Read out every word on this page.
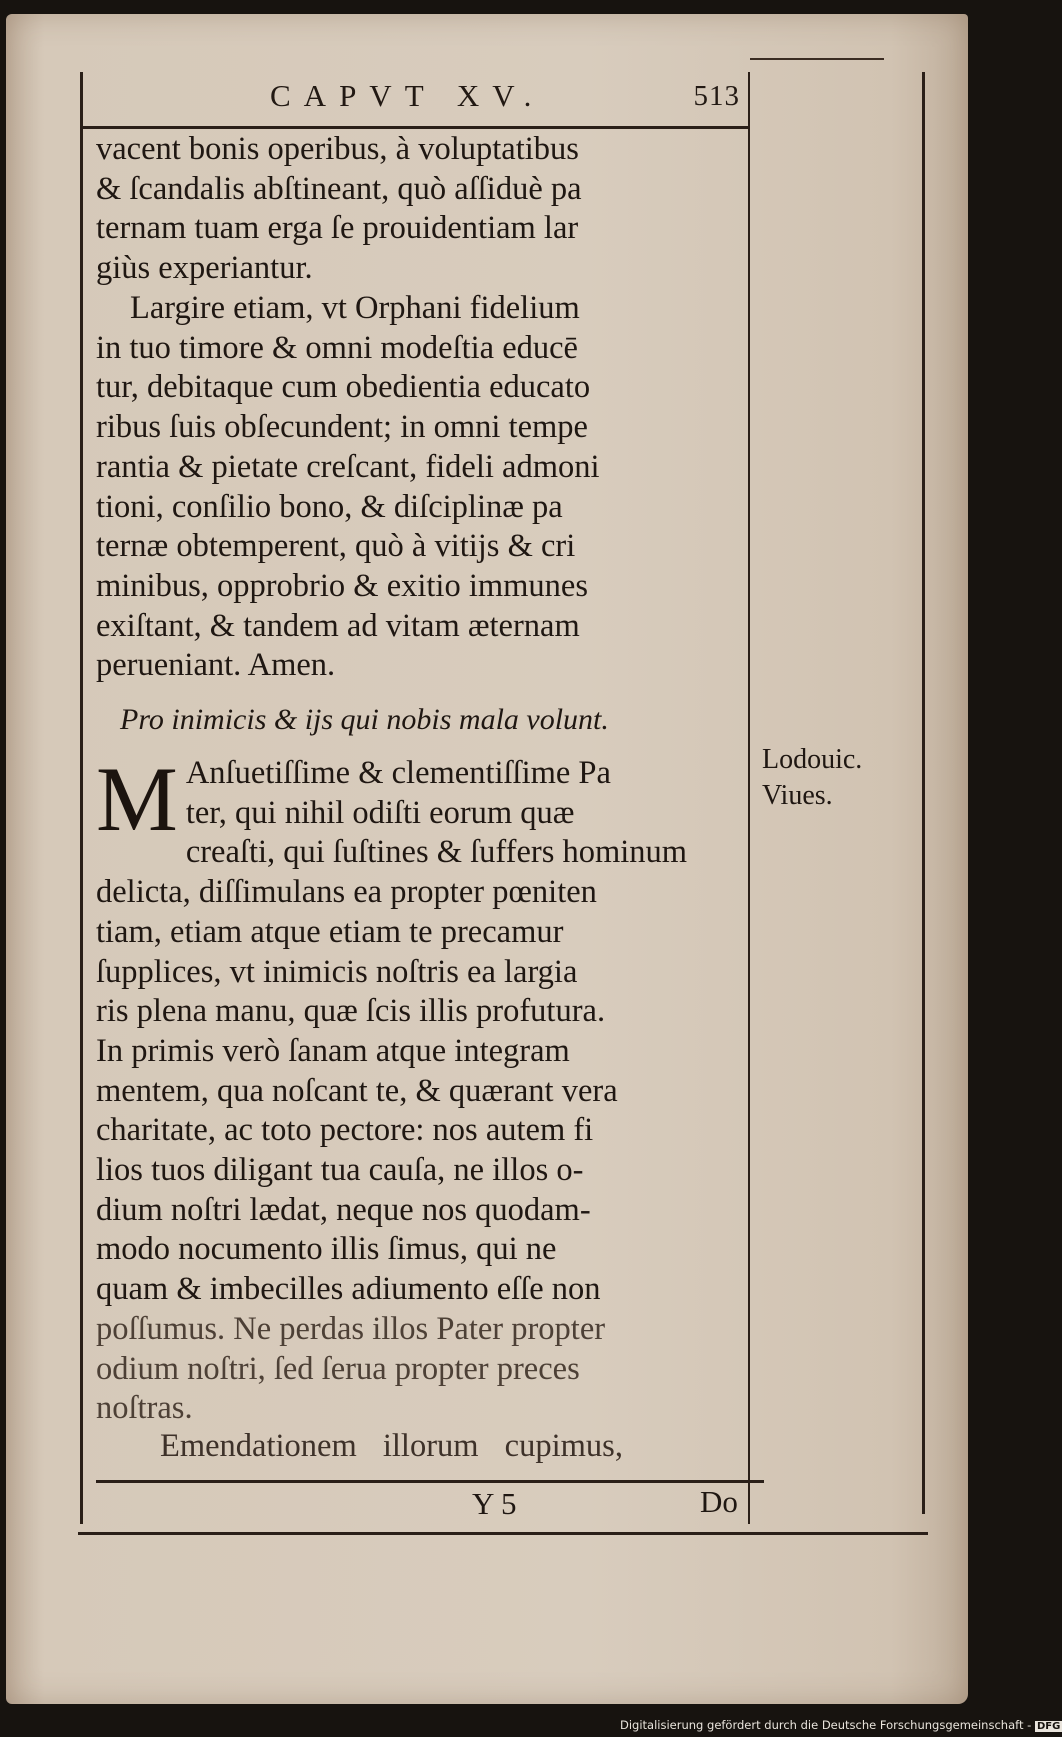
CAPVT XV.	513
vacent bonis operibus, à voluptatibus
& ſcandalis abſtineant, quò aſſiduè pa
ternam tuam erga ſe prouidentiam lar
giùs experiantur.
Largire etiam, vt Orphani fidelium
in tuo timore & omni modeſtia educē
tur, debitaque cum obedientia educato
ribus ſuis obſecundent; in omni tempe
rantia & pietate creſcant, fideli admoni
tioni, conſilio bono, & diſciplinæ pa
ternæ obtemperent, quò à vitijs & cri
minibus, opprobrio & exitio immunes
exiſtant, & tandem ad vitam æternam
perueniant. Amen.
Pro inimicis & ijs qui nobis mala volunt.
M Anſuetiſſime & clementiſſime Pa
ter, qui nihil odiſti eorum quæ
creaſti, qui ſuſtines & ſuffers hominum
delicta, diſſimulans ea propter pœniten
tiam, etiam atque etiam te precamur
ſupplices, vt inimicis noſtris ea largia
ris plena manu, quæ ſcis illis profutura.
In primis verò ſanam atque integram
mentem, qua noſcant te, & quærant vera
charitate, ac toto pectore: nos autem fi
lios tuos diligant tua cauſa, ne illos o-
dium noſtri lædat, neque nos quodam-
modo nocumento illis ſimus, qui ne
quam & imbecilles adiumento eſſe non
poſſumus. Ne perdas illos Pater propter
odium noſtri, ſed ſerua propter preces
noſtras.
Emendationem illorum cupimus,
Y 5	Do
Lodouic.
Viues.
Digitalisierung gefördert durch die Deutsche Forschungsgemeinschaft - DFG
